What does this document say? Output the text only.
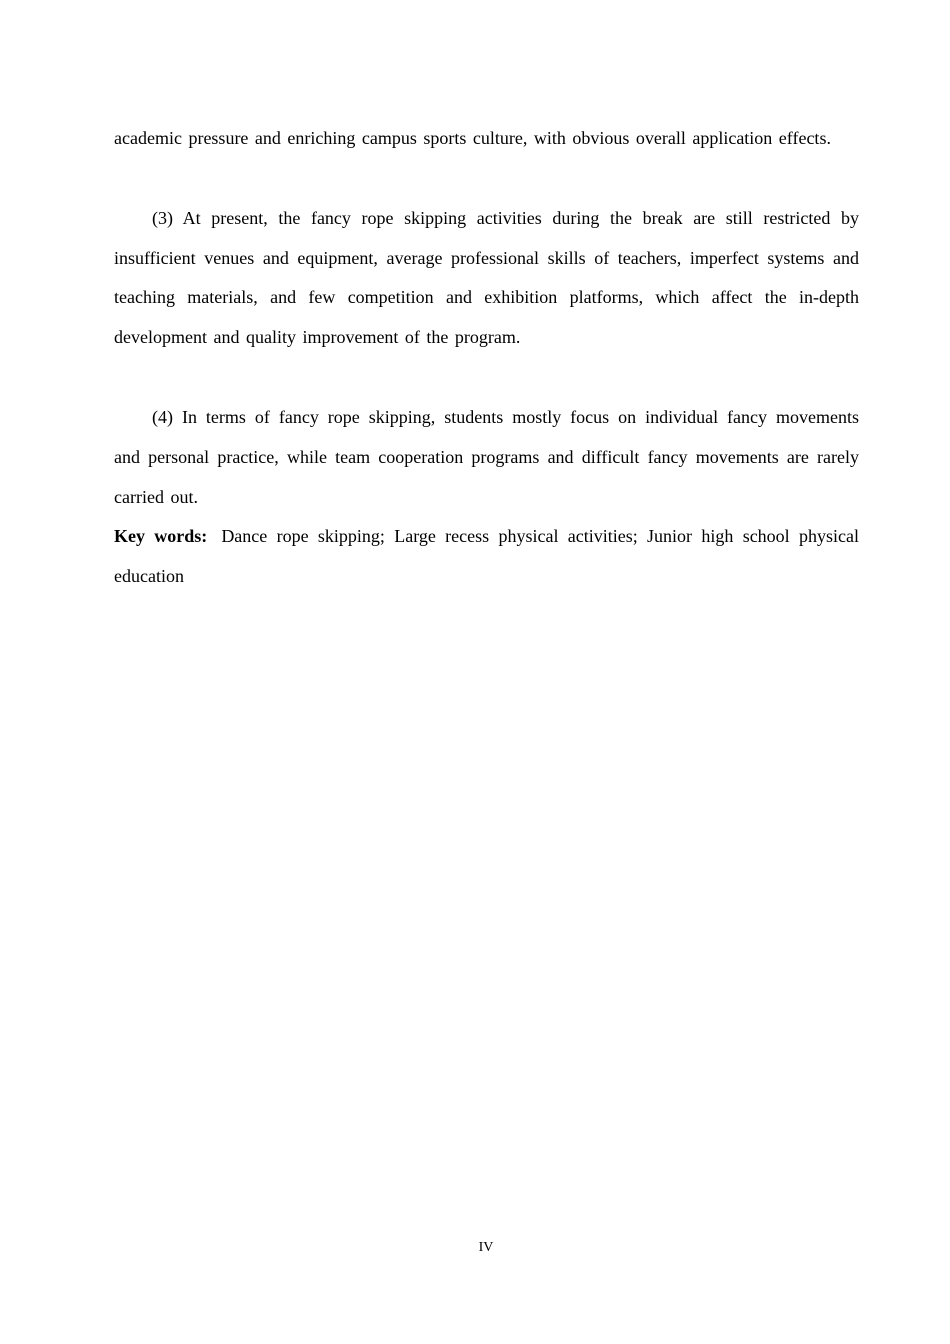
academic pressure and enriching campus sports culture, with obvious overall application effects.

(3) At present, the fancy rope skipping activities during the break are still restricted by insufficient venues and equipment, average professional skills of teachers, imperfect systems and teaching materials, and few competition and exhibition platforms, which affect the in-depth development and quality improvement of the program.

(4) In terms of fancy rope skipping, students mostly focus on individual fancy movements and personal practice, while team cooperation programs and difficult fancy movements are rarely carried out.

Key words: Dance rope skipping; Large recess physical activities; Junior high school physical education

IV
